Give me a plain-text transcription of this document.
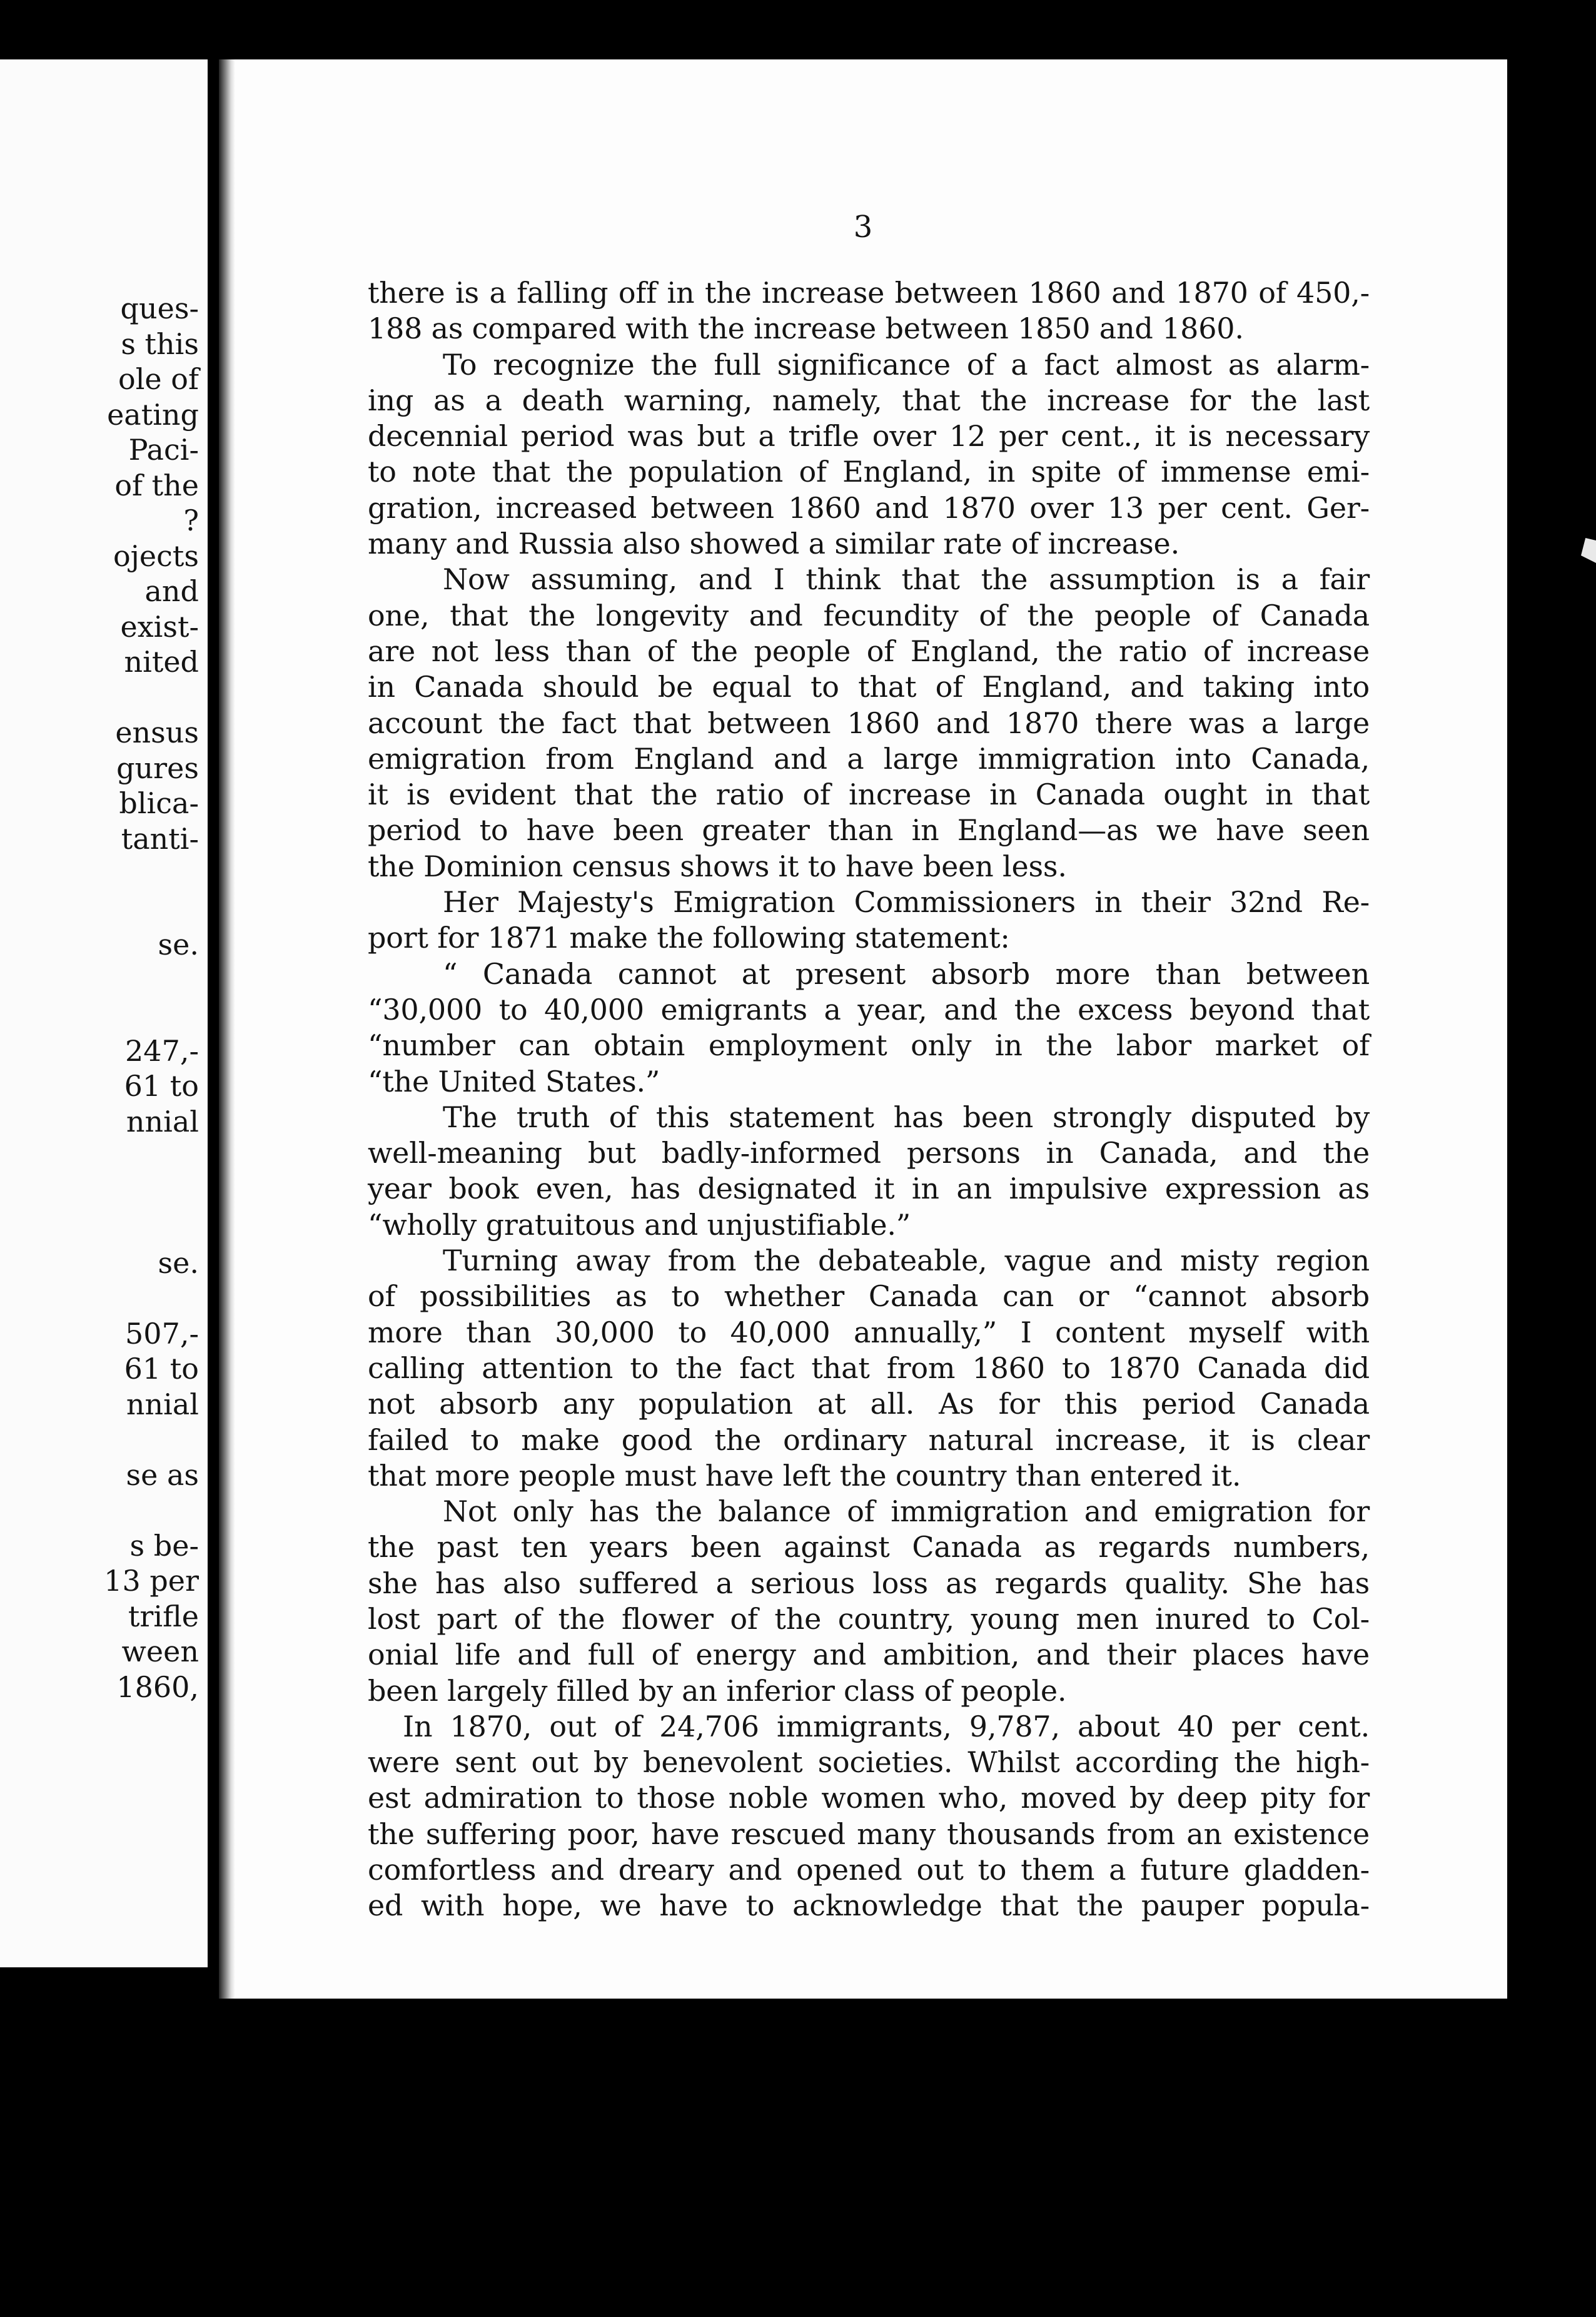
ques-
s this
ole of
eating
Paci-
of the
?
ojects
and
exist-
nited
ensus
gures
blica-
tanti-
se.
247,-
61 to
nnial
se.
507,-
61 to
nnial
se as
s be-
13 per
trifle
ween
1860,
3
there is a falling off in the increase between 1860 and 1870 of 450,-
188 as compared with the increase between 1850 and 1860.
To recognize the full significance of a fact almost as alarm-
ing as a death warning, namely, that the increase for the last
decennial period was but a trifle over 12 per cent., it is necessary
to note that the population of England, in spite of immense emi-
gration, increased between 1860 and 1870 over 13 per cent. Ger-
many and Russia also showed a similar rate of increase.
Now assuming, and I think that the assumption is a fair
one, that the longevity and fecundity of the people of Canada
are not less than of the people of England, the ratio of increase
in Canada should be equal to that of England, and taking into
account the fact that between 1860 and 1870 there was a large
emigration from England and a large immigration into Canada,
it is evident that the ratio of increase in Canada ought in that
period to have been greater than in England—as we have seen
the Dominion census shows it to have been less.
Her Majesty's Emigration Commissioners in their 32nd Re-
port for 1871 make the following statement:
“ Canada cannot at present absorb more than between
“30,000 to 40,000 emigrants a year, and the excess beyond that
“number can obtain employment only in the labor market of
“the United States.”
The truth of this statement has been strongly disputed by
well-meaning but badly-informed persons in Canada, and the
year book even, has designated it in an impulsive expression as
“wholly gratuitous and unjustifiable.”
Turning away from the debateable, vague and misty region
of possibilities as to whether Canada can or “cannot absorb
more than 30,000 to 40,000 annually,” I content myself with
calling attention to the fact that from 1860 to 1870 Canada did
not absorb any population at all. As for this period Canada
failed to make good the ordinary natural increase, it is clear
that more people must have left the country than entered it.
Not only has the balance of immigration and emigration for
the past ten years been against Canada as regards numbers,
she has also suffered a serious loss as regards quality. She has
lost part of the flower of the country, young men inured to Col-
onial life and full of energy and ambition, and their places have
been largely filled by an inferior class of people.
In 1870, out of 24,706 immigrants, 9,787, about 40 per cent.
were sent out by benevolent societies. Whilst according the high-
est admiration to those noble women who, moved by deep pity for
the suffering poor, have rescued many thousands from an existence
comfortless and dreary and opened out to them a future gladden-
ed with hope, we have to acknowledge that the pauper popula-
